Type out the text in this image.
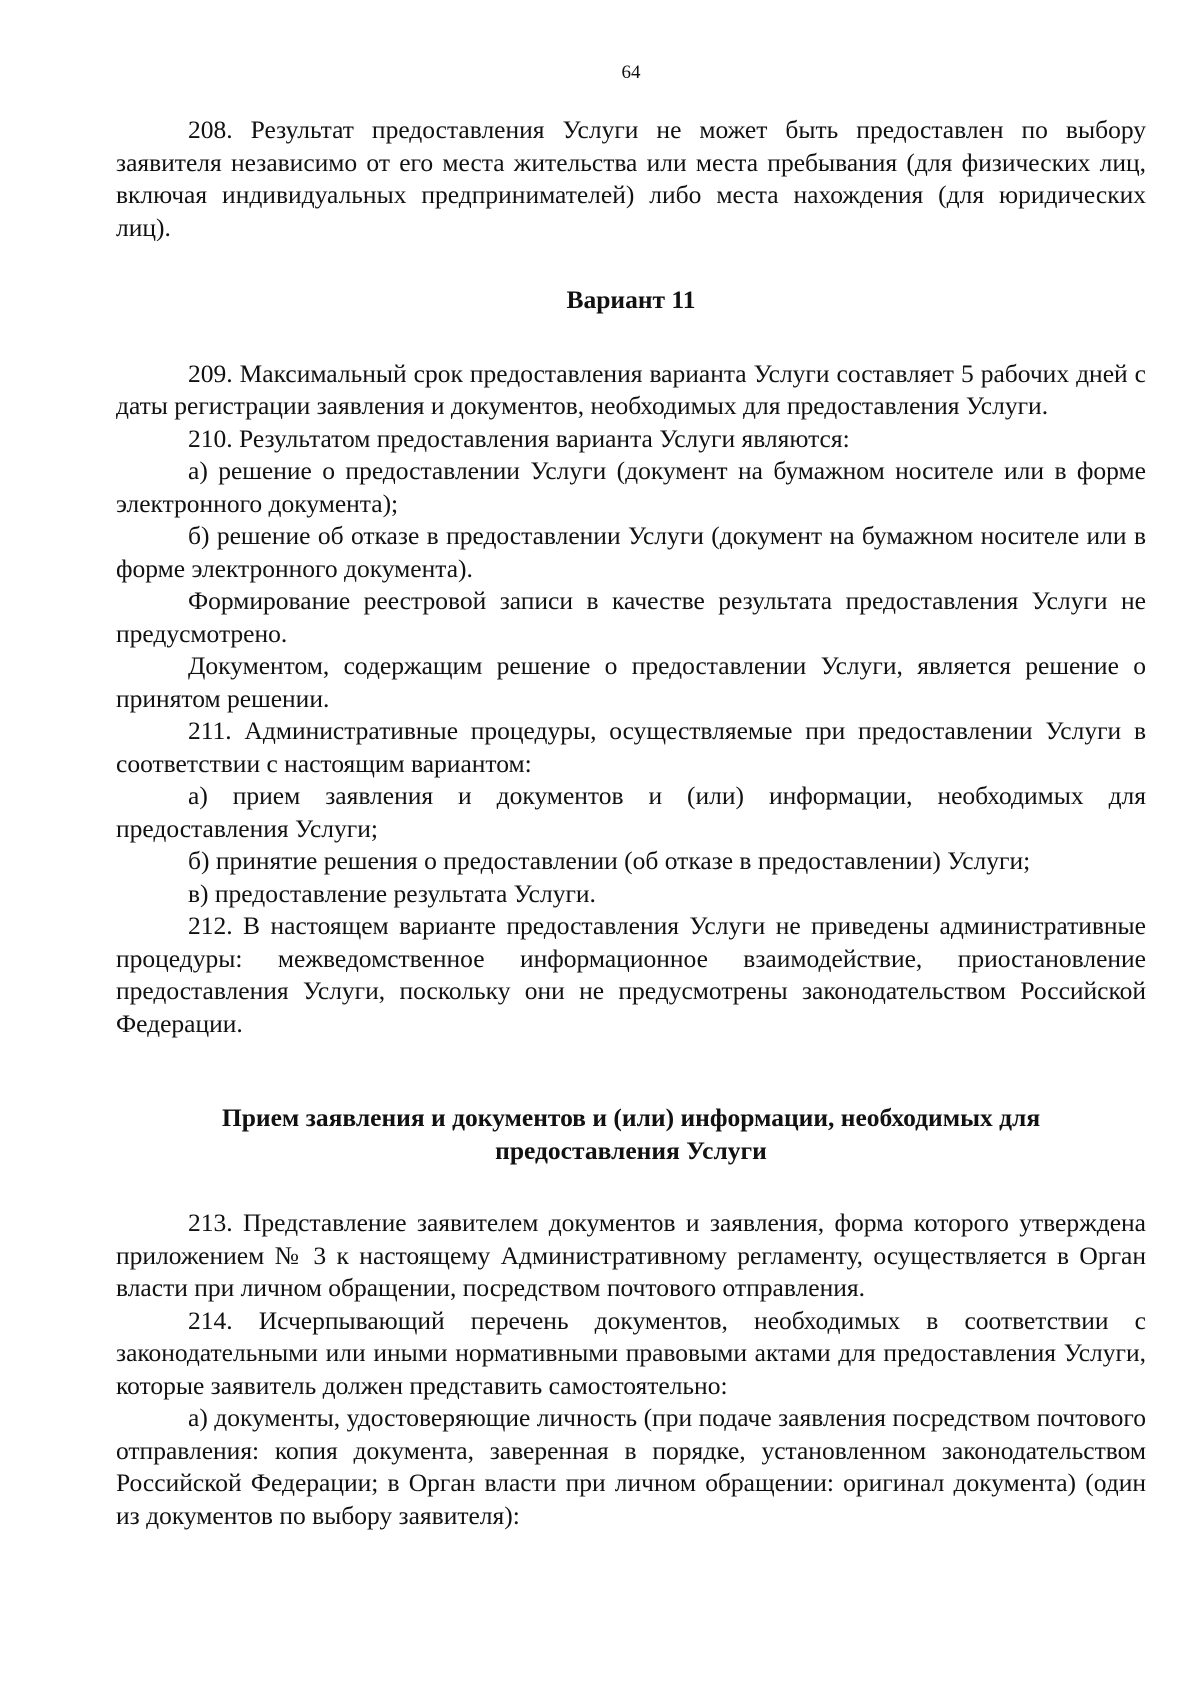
64

208. Результат предоставления Услуги не может быть предоставлен по выбору заявителя независимо от его места жительства или места пребывания (для физических лиц, включая индивидуальных предпринимателей) либо места нахождения (для юридических лиц).

Вариант 11

209. Максимальный срок предоставления варианта Услуги составляет 5 рабочих дней с даты регистрации заявления и документов, необходимых для предоставления Услуги.

210. Результатом предоставления варианта Услуги являются:

а) решение о предоставлении Услуги (документ на бумажном носителе или в форме электронного документа);

б) решение об отказе в предоставлении Услуги (документ на бумажном носителе или в форме электронного документа).

Формирование реестровой записи в качестве результата предоставления Услуги не предусмотрено.

Документом, содержащим решение о предоставлении Услуги, является решение о принятом решении.

211. Административные процедуры, осуществляемые при предоставлении Услуги в соответствии с настоящим вариантом:

а) прием заявления и документов и (или) информации, необходимых для предоставления Услуги;

б) принятие решения о предоставлении (об отказе в предоставлении) Услуги;

в) предоставление результата Услуги.

212. В настоящем варианте предоставления Услуги не приведены административные процедуры: межведомственное информационное взаимодействие, приостановление предоставления Услуги, поскольку они не предусмотрены законодательством Российской Федерации.

Прием заявления и документов и (или) информации, необходимых для
предоставления Услуги

213. Представление заявителем документов и заявления, форма которого утверждена приложением № 3 к настоящему Административному регламенту, осуществляется в Орган власти при личном обращении, посредством почтового отправления.

214. Исчерпывающий перечень документов, необходимых в соответствии с законодательными или иными нормативными правовыми актами для предоставления Услуги, которые заявитель должен представить самостоятельно:

а) документы, удостоверяющие личность (при подаче заявления посредством почтового отправления: копия документа, заверенная в порядке, установленном законодательством Российской Федерации; в Орган власти при личном обращении: оригинал документа) (один из документов по выбору заявителя):
